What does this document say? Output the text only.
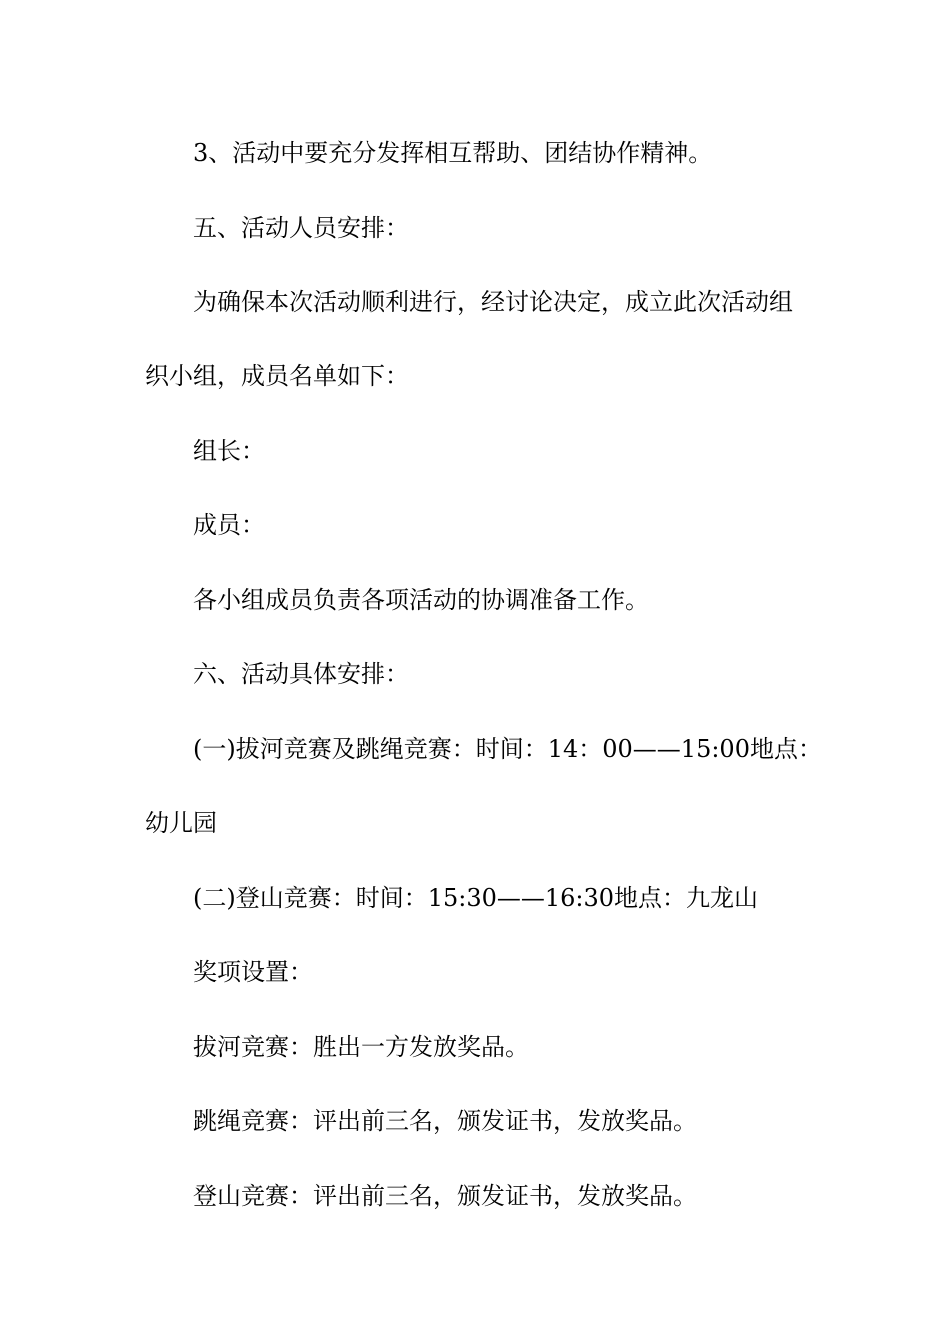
3、活动中要充分发挥相互帮助、团结协作精神。
五、活动人员安排：
为确保本次活动顺利进行，经讨论决定，成立此次活动组
织小组，成员名单如下：
组长：
成员：
各小组成员负责各项活动的协调准备工作。
六、活动具体安排：
(一)拔河竞赛及跳绳竞赛：时间：14：00——15:00地点：
幼儿园
(二)登山竞赛：时间：15:30——16:30地点：九龙山
奖项设置：
拔河竞赛：胜出一方发放奖品。
跳绳竞赛：评出前三名，颁发证书，发放奖品。
登山竞赛：评出前三名，颁发证书，发放奖品。
